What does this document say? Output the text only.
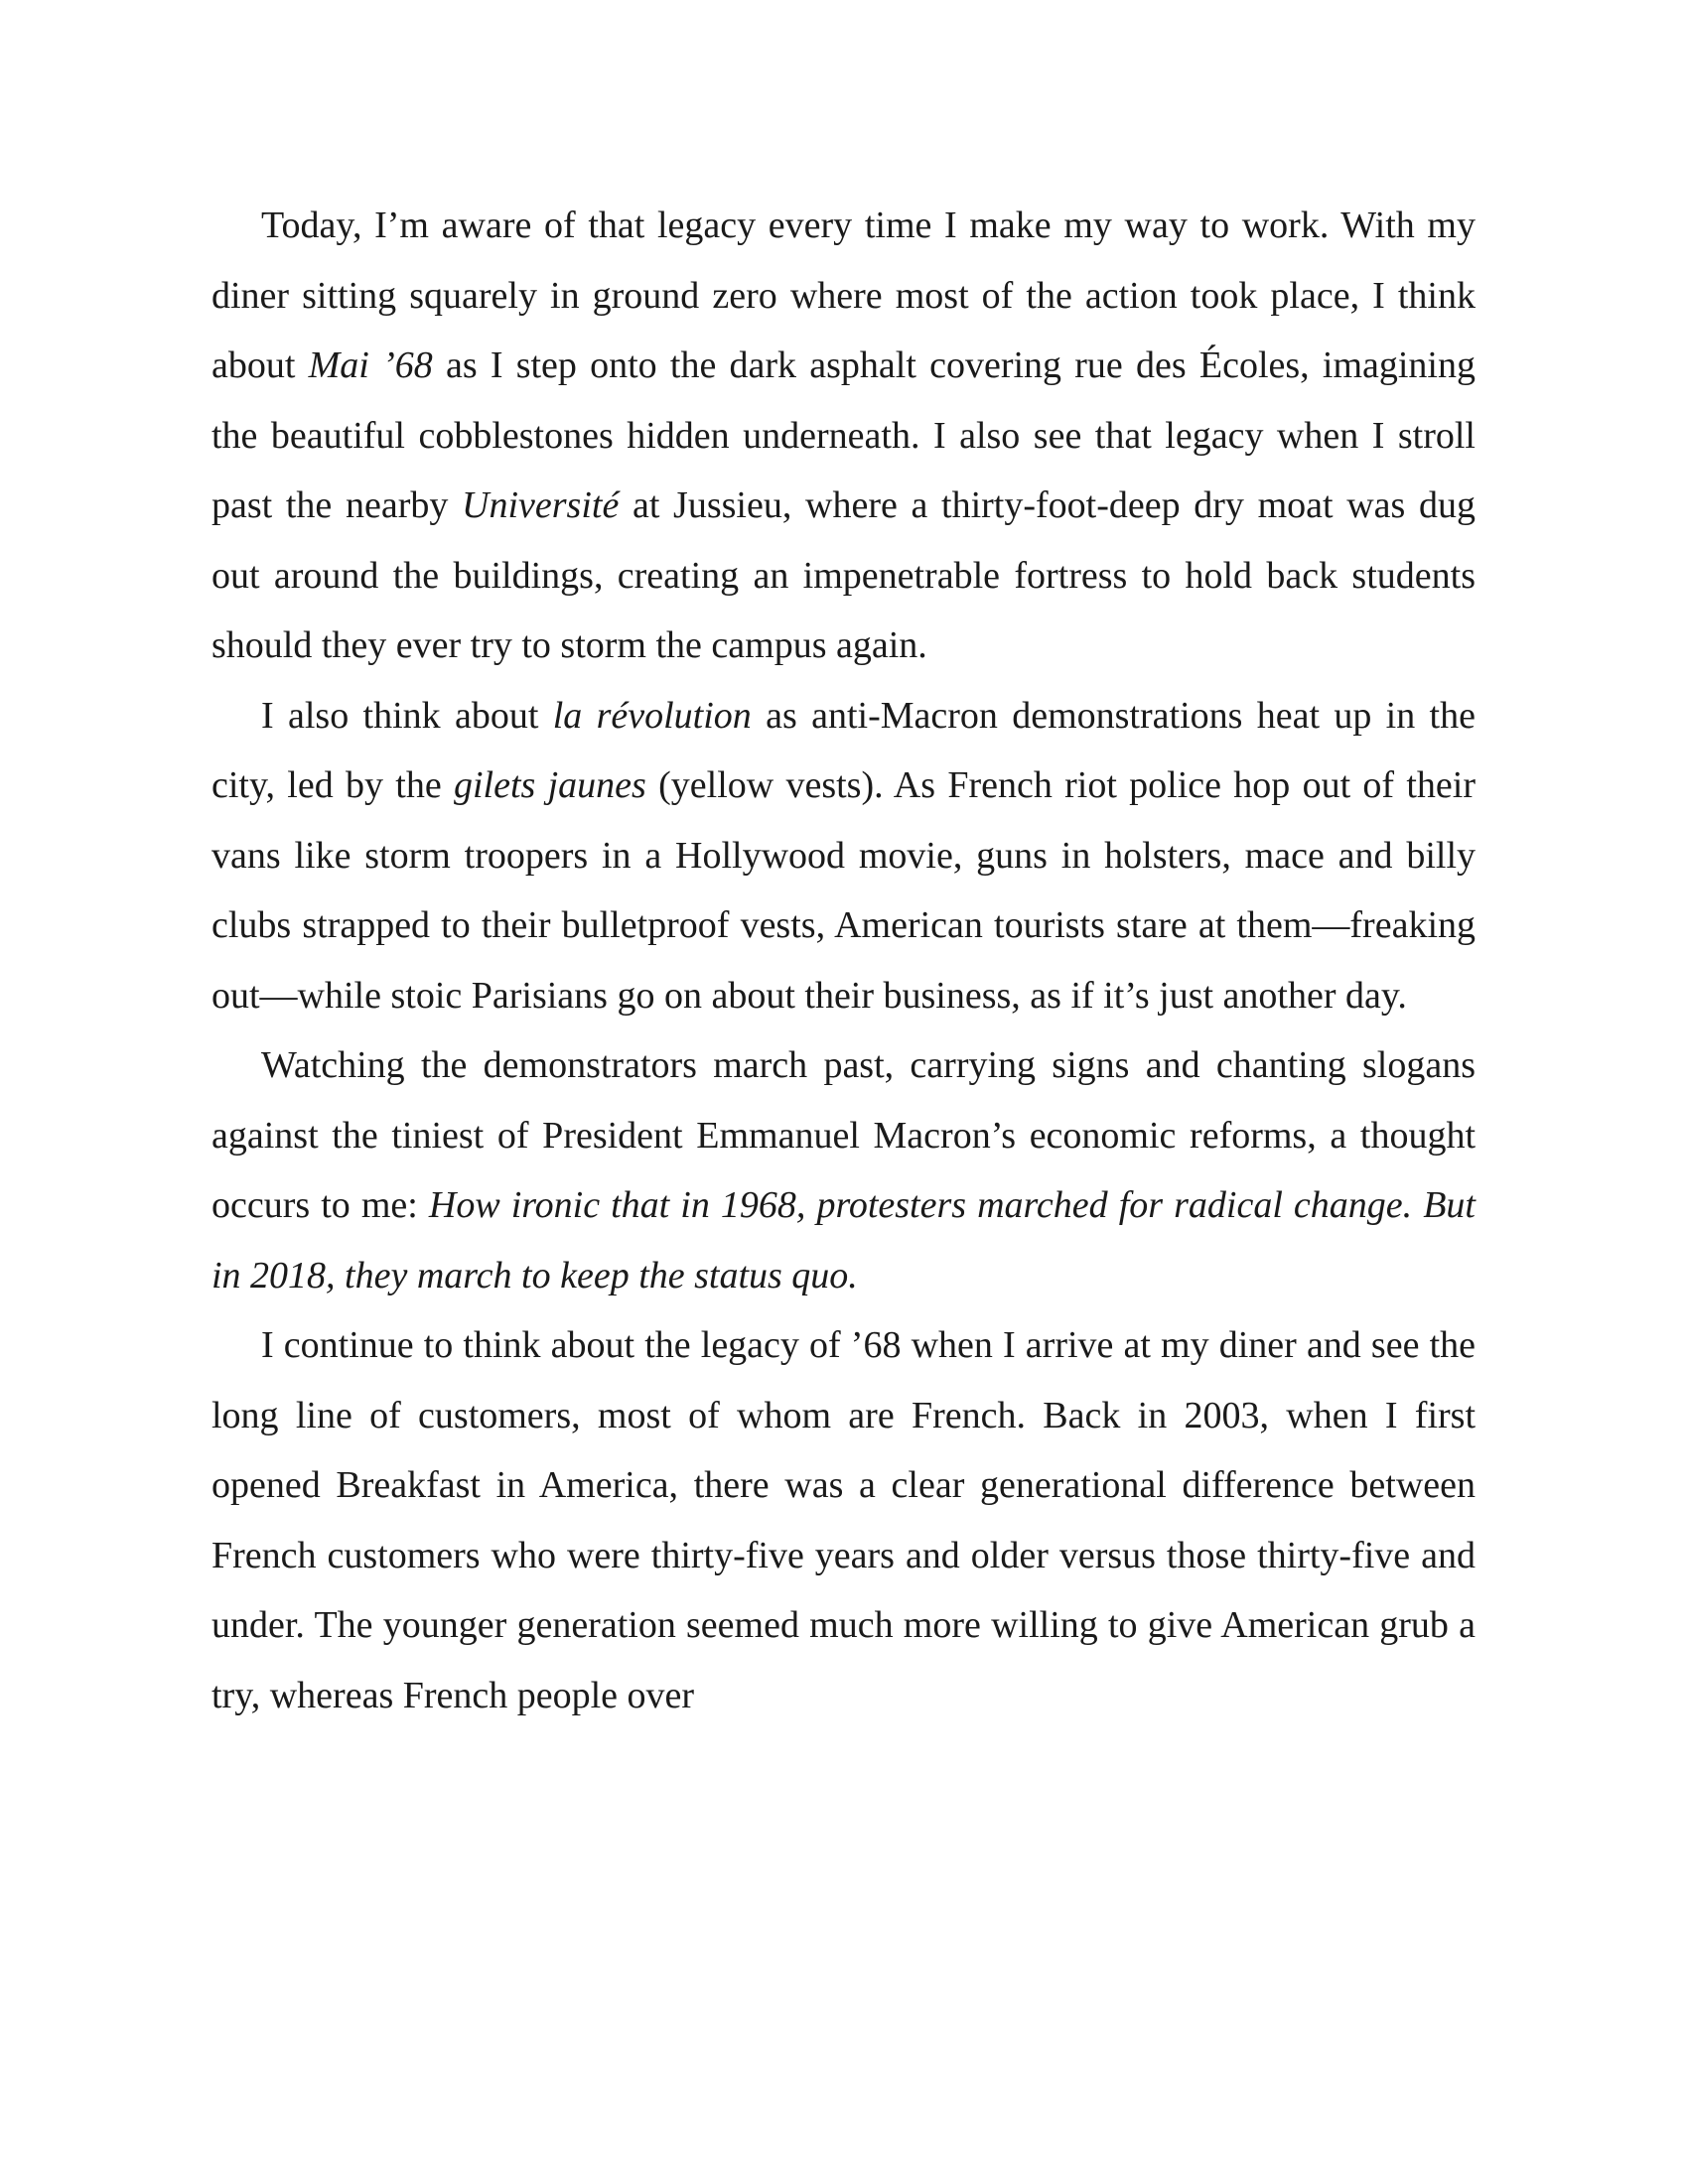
Today, I’m aware of that legacy every time I make my way to work. With my diner sitting squarely in ground zero where most of the action took place, I think about Mai ’68 as I step onto the dark asphalt covering rue des Écoles, imagining the beautiful cobblestones hidden underneath. I also see that legacy when I stroll past the nearby Université at Jussieu, where a thirty-foot-deep dry moat was dug out around the buildings, creating an impenetrable fortress to hold back students should they ever try to storm the campus again.

I also think about la révolution as anti-Macron demonstrations heat up in the city, led by the gilets jaunes (yellow vests). As French riot police hop out of their vans like storm troopers in a Hollywood movie, guns in holsters, mace and billy clubs strapped to their bulletproof vests, American tourists stare at them—freaking out—while stoic Parisians go on about their business, as if it’s just another day.

Watching the demonstrators march past, carrying signs and chanting slogans against the tiniest of President Emmanuel Macron’s economic reforms, a thought occurs to me: How ironic that in 1968, protesters marched for radical change. But in 2018, they march to keep the status quo.

I continue to think about the legacy of ’68 when I arrive at my diner and see the long line of customers, most of whom are French. Back in 2003, when I first opened Breakfast in America, there was a clear generational difference between French customers who were thirty-five years and older versus those thirty-five and under. The younger generation seemed much more willing to give American grub a try, whereas French people over
